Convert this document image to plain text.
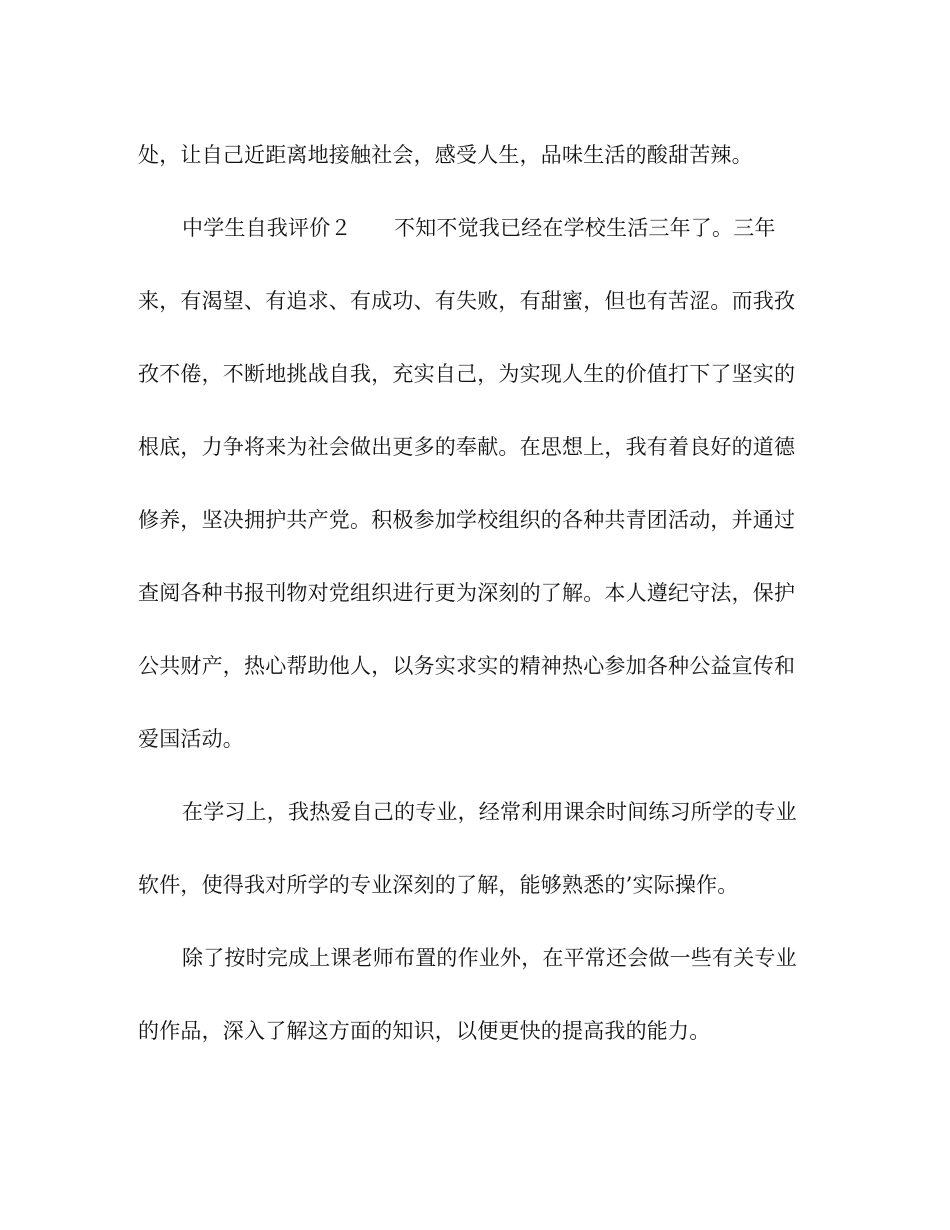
处，让自己近距离地接触社会，感受人生，品味生活的酸甜苦辣。
中学生自我评价２　　不知不觉我已经在学校生活三年了。三年
来，有渴望、有追求、有成功、有失败，有甜蜜，但也有苦涩。而我孜
孜不倦，不断地挑战自我，充实自己，为实现人生的价值打下了坚实的
根底，力争将来为社会做出更多的奉献。在思想上，我有着良好的道德
修养，坚决拥护共产党。积极参加学校组织的各种共青团活动，并通过
查阅各种书报刊物对党组织进行更为深刻的了解。本人遵纪守法，保护
公共财产，热心帮助他人，以务实求实的精神热心参加各种公益宣传和
爱国活动。
在学习上，我热爱自己的专业，经常利用课余时间练习所学的专业
软件，使得我对所学的专业深刻的了解，能够熟悉的’实际操作。
除了按时完成上课老师布置的作业外，在平常还会做一些有关专业
的作品，深入了解这方面的知识，以便更快的提高我的能力。
